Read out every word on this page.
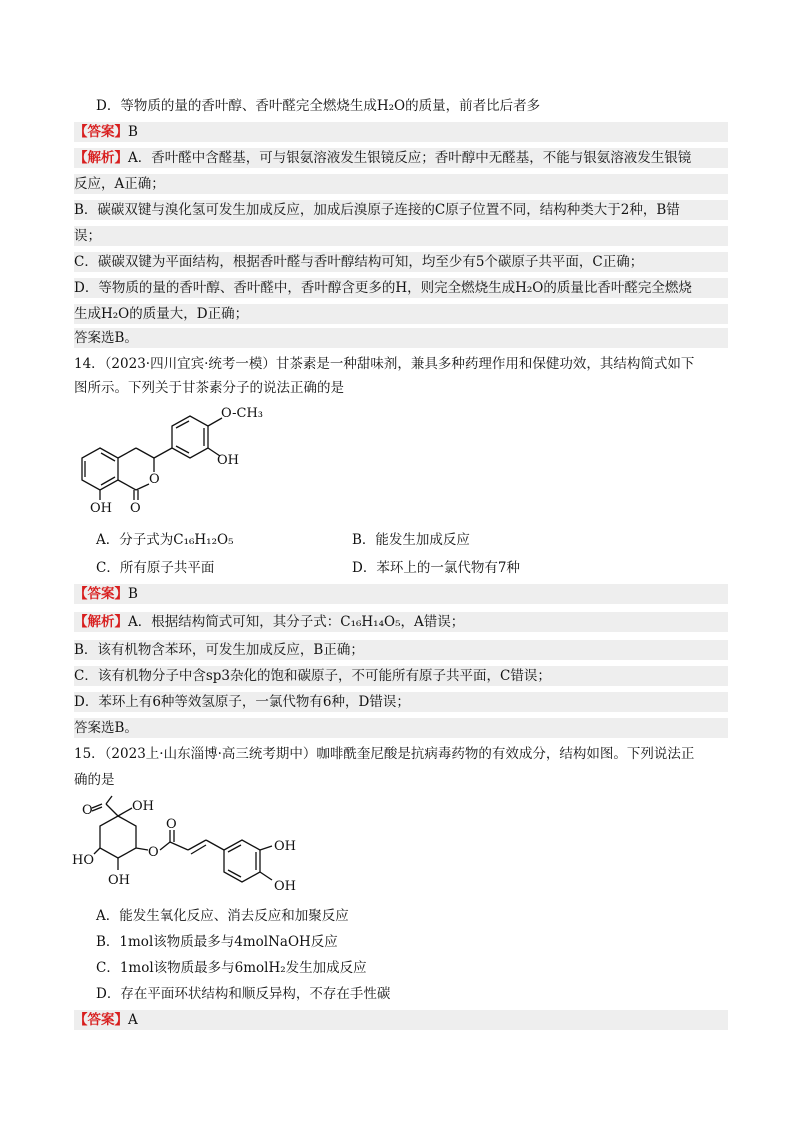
D．等物质的量的香叶醇、香叶醛完全燃烧生成H₂O的质量，前者比后者多
【答案】B
【解析】A．香叶醛中含醛基，可与银氨溶液发生银镜反应；香叶醇中无醛基，不能与银氨溶液发生银镜
反应，A正确；
B．碳碳双键与溴化氢可发生加成反应，加成后溴原子连接的C原子位置不同，结构种类大于2种，B错
误；
C．碳碳双键为平面结构，根据香叶醛与香叶醇结构可知，均至少有5个碳原子共平面，C正确；
D．等物质的量的香叶醇、香叶醛中，香叶醇含更多的H，则完全燃烧生成H₂O的质量比香叶醛完全燃烧
生成H₂O的质量大，D正确；
答案选B。
14．（2023·四川宜宾·统考一模）甘茶素是一种甜味剂，兼具多种药理作用和保健功效，其结构简式如下
图所示。下列关于甘茶素分子的说法正确的是
O-CH₃
OH
O
O
OH
A．分子式为C₁₆H₁₂O₅	B．能发生加成反应
C．所有原子共平面	D．苯环上的一氯代物有7种
【答案】B
【解析】A．根据结构简式可知，其分子式：C₁₆H₁₄O₅，A错误；
B．该有机物含苯环，可发生加成反应，B正确；
C．该有机物分子中含sp3杂化的饱和碳原子，不可能所有原子共平面，C错误；
D．苯环上有6种等效氢原子，一氯代物有6种，D错误；
答案选B。
15．（2023上·山东淄博·高三统考期中）咖啡酰奎尼酸是抗病毒药物的有效成分，结构如图。下列说法正
确的是
O	OH
HO
OH
O
O
OH
OH
A．能发生氧化反应、消去反应和加聚反应
B．1mol该物质最多与4molNaOH反应
C．1mol该物质最多与6molH₂发生加成反应
D．存在平面环状结构和顺反异构，不存在手性碳
【答案】A
